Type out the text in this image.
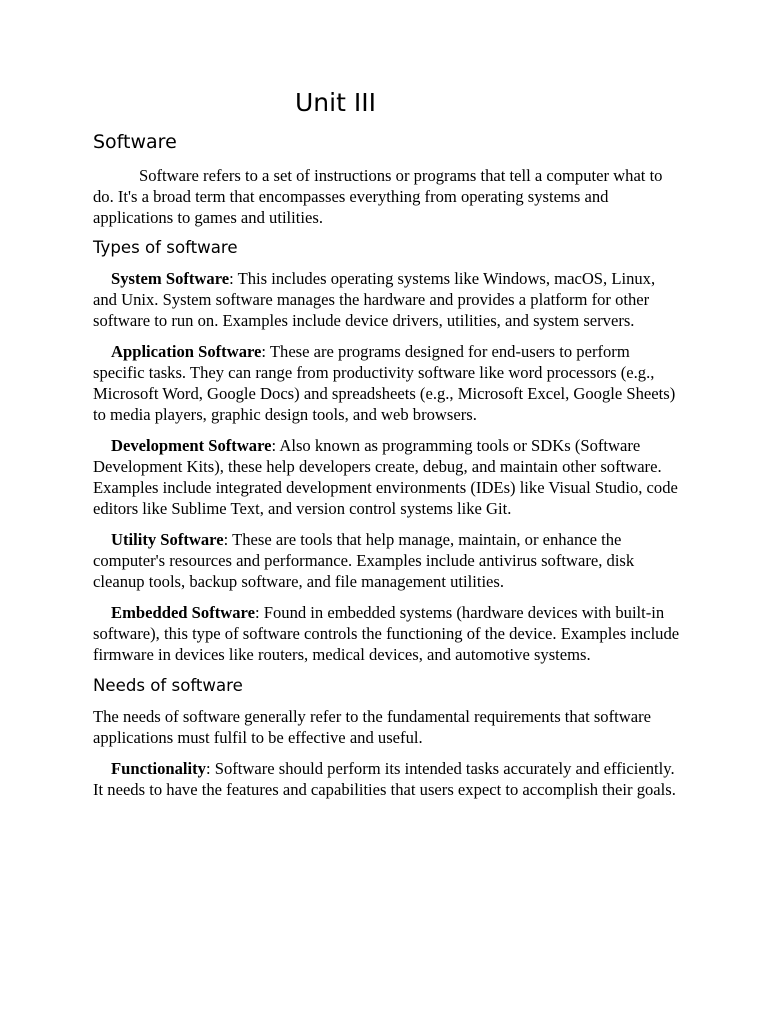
Unit III
Software

Software refers to a set of instructions or programs that tell a computer what to do. It's a broad term that encompasses everything from operating systems and applications to games and utilities.

Types of software

System Software: This includes operating systems like Windows, macOS, Linux, and Unix. System software manages the hardware and provides a platform for other software to run on. Examples include device drivers, utilities, and system servers.

Application Software: These are programs designed for end-users to perform specific tasks. They can range from productivity software like word processors (e.g., Microsoft Word, Google Docs) and spreadsheets (e.g., Microsoft Excel, Google Sheets) to media players, graphic design tools, and web browsers.

Development Software: Also known as programming tools or SDKs (Software Development Kits), these help developers create, debug, and maintain other software. Examples include integrated development environments (IDEs) like Visual Studio, code editors like Sublime Text, and version control systems like Git.

Utility Software: These are tools that help manage, maintain, or enhance the computer's resources and performance. Examples include antivirus software, disk cleanup tools, backup software, and file management utilities.

Embedded Software: Found in embedded systems (hardware devices with built-in software), this type of software controls the functioning of the device. Examples include firmware in devices like routers, medical devices, and automotive systems.

Needs of software

The needs of software generally refer to the fundamental requirements that software applications must fulfil to be effective and useful.

Functionality: Software should perform its intended tasks accurately and efficiently. It needs to have the features and capabilities that users expect to accomplish their goals.
